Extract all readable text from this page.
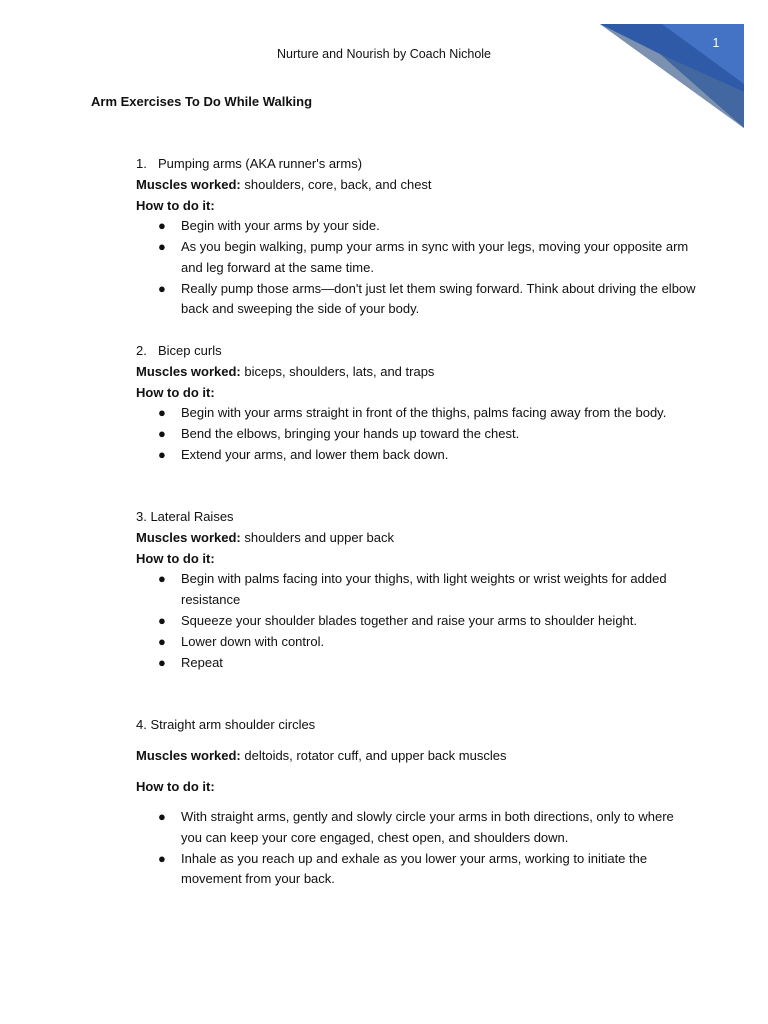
1
Nurture and Nourish by Coach Nichole
Arm Exercises To Do While Walking

1. Pumping arms (AKA runner's arms)

Muscles worked: shoulders, core, back, and chest

How to do it:

● Begin with your arms by your side.
● As you begin walking, pump your arms in sync with your legs, moving your opposite arm and leg forward at the same time.
● Really pump those arms—don't just let them swing forward. Think about driving the elbow back and sweeping the side of your body.

2. Bicep curls

Muscles worked: biceps, shoulders, lats, and traps

How to do it:

● Begin with your arms straight in front of the thighs, palms facing away from the body.
● Bend the elbows, bringing your hands up toward the chest.
● Extend your arms, and lower them back down.

3. Lateral Raises

Muscles worked: shoulders and upper back

How to do it:

● Begin with palms facing into your thighs, with light weights or wrist weights for added resistance
● Squeeze your shoulder blades together and raise your arms to shoulder height.
● Lower down with control.
● Repeat

4. Straight arm shoulder circles

Muscles worked: deltoids, rotator cuff, and upper back muscles

How to do it:

● With straight arms, gently and slowly circle your arms in both directions, only to where you can keep your core engaged, chest open, and shoulders down.
● Inhale as you reach up and exhale as you lower your arms, working to initiate the movement from your back.
